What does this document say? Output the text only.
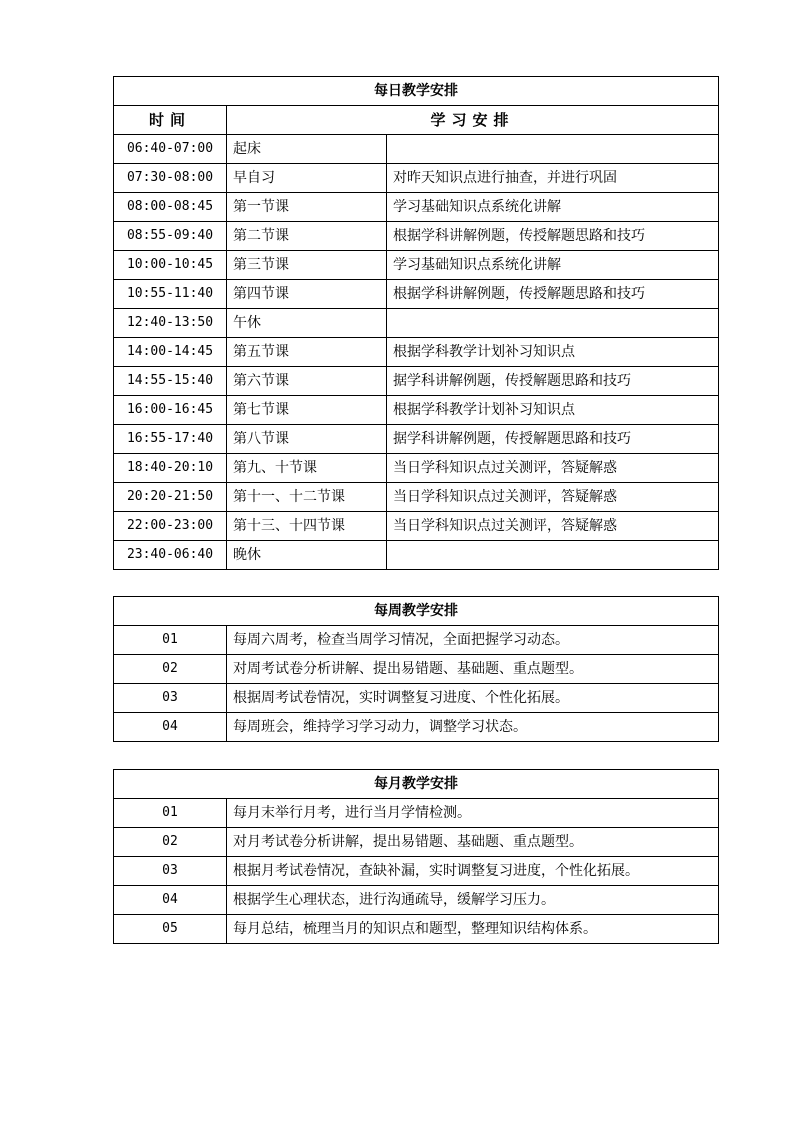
每日教学安排		
时间	学习安排	
06:40-07:00	起床	
07:30-08:00	早自习	对昨天知识点进行抽查，并进行巩固
08:00-08:45	第一节课	学习基础知识点系统化讲解
08:55-09:40	第二节课	根据学科讲解例题，传授解题思路和技巧
10:00-10:45	第三节课	学习基础知识点系统化讲解
10:55-11:40	第四节课	根据学科讲解例题，传授解题思路和技巧
12:40-13:50	午休	
14:00-14:45	第五节课	根据学科教学计划补习知识点
14:55-15:40	第六节课	据学科讲解例题，传授解题思路和技巧
16:00-16:45	第七节课	根据学科教学计划补习知识点
16:55-17:40	第八节课	据学科讲解例题，传授解题思路和技巧
18:40-20:10	第九、十节课	当日学科知识点过关测评，答疑解惑
20:20-21:50	第十一、十二节课	当日学科知识点过关测评，答疑解惑
22:00-23:00	第十三、十四节课	当日学科知识点过关测评，答疑解惑
23:40-06:40	晚休	
每周教学安排	
01	每周六周考，检查当周学习情况，全面把握学习动态。
02	对周考试卷分析讲解、提出易错题、基础题、重点题型。
03	根据周考试卷情况，实时调整复习进度、个性化拓展。
04	每周班会，维持学习学习动力，调整学习状态。
每月教学安排	
01	每月末举行月考，进行当月学情检测。
02	对月考试卷分析讲解，提出易错题、基础题、重点题型。
03	根据月考试卷情况，查缺补漏，实时调整复习进度，个性化拓展。
04	根据学生心理状态，进行沟通疏导，缓解学习压力。
05	每月总结，梳理当月的知识点和题型，整理知识结构体系。
